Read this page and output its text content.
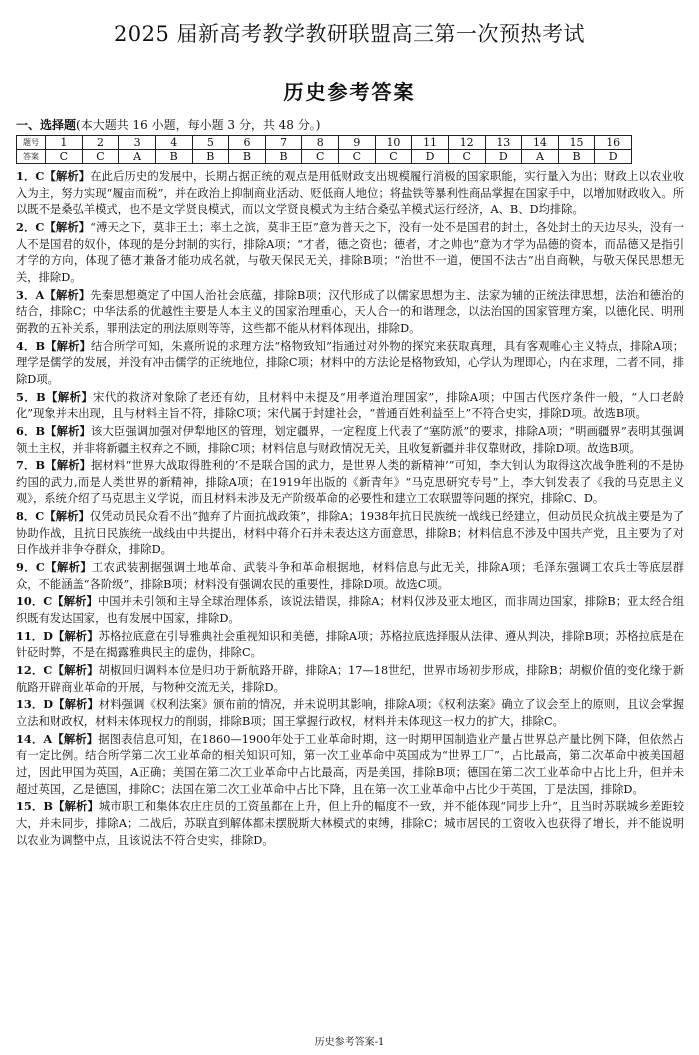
2025 届新高考教学教研联盟高三第一次预热考试
历史参考答案
一、选择题(本大题共 16 小题，每小题 3 分，共 48 分。)
题号	1	2	3	4	5	6	7	8	9	10	11	12	13	14	15	16
答案	C	C	A	B	B	B	B	C	C	C	D	C	D	A	B	D

1．C【解析】在此后历史的发展中，长期占据正统的观点是用低财政支出规模履行消极的国家职能，实行量入为出；财政上以农业收入为主，努力实现“履亩而税”，并在政治上抑制商业活动、贬低商人地位；将盐铁等暴利性商品掌握在国家手中，以增加财政收入。所以既不是桑弘羊模式，也不是文学贤良模式，而以文学贤良模式为主结合桑弘羊模式运行经济，A、B、D均排除。

2．C【解析】“溥天之下，莫非王土；率土之滨，莫非王臣”意为普天之下，没有一处不是国君的封土，各处封土的天边尽头，没有一人不是国君的奴仆，体现的是分封制的实行，排除A项；“才者，德之资也；德者，才之帅也”意为才学为品德的资本，而品德又是指引才学的方向，体现了德才兼备才能功成名就，与敬天保民无关，排除B项；“治世不一道，便国不法古”出自商鞅，与敬天保民思想无关，排除D。

3．A【解析】先秦思想奠定了中国人治社会底蕴，排除B项；汉代形成了以儒家思想为主、法家为辅的正统法律思想，法治和德治的结合，排除C；中华法系的优越性主要是人本主义的国家治理重心，天人合一的和谐理念，以法治国的国家管理方案，以德化民、明刑弼教的五补关系，罪刑法定的刑法原则等等，这些都不能从材料体现出，排除D。

4．B【解析】结合所学可知，朱熹所说的求理方法“格物致知”指通过对外物的探究来获取真理，具有客观唯心主义特点，排除A项；理学是儒学的发展，并没有冲击儒学的正统地位，排除C项；材料中的方法论是格物致知，心学认为理即心，内在求理，二者不同，排除D项。

5．B【解析】宋代的救济对象除了老还有幼，且材料中未提及“用孝道治理国家”，排除A项；中国古代医疗条件一般，“人口老龄化”现象并未出现，且与材料主旨不符，排除C项；宋代属于封建社会，“普通百姓利益至上”不符合史实，排除D项。故选B项。

6．B【解析】该大臣强调加强对伊犁地区的管理，划定疆界，一定程度上代表了“塞防派”的要求，排除A项；“明画疆界”表明其强调领土主权，并非将新疆主权弃之不顾，排除C项；材料信息与财政情况无关，且收复新疆并非仅靠财政，排除D项。故选B项。

7．B【解析】据材料“世界大战取得胜利的‘不是联合国的武力，是世界人类的新精神’”可知，李大钊认为取得这次战争胜利的不是协约国的武力,而是人类世界的新精神，排除A项；在1919年出版的《新青年》“马克思研究专号”上，李大钊发表了《我的马克思主义观》，系统介绍了马克思主义学说，而且材料未涉及无产阶级革命的必要性和建立工农联盟等问题的探究，排除C、D。

8．C【解析】仅凭动员民众看不出“抛弃了片面抗战政策”，排除A；1938年抗日民族统一战线已经建立，但动员民众抗战主要是为了协助作战，且抗日民族统一战线由中共提出，材料中蒋介石并未表达这方面意思，排除B；材料信息不涉及中国共产党，且主要为了对日作战并非争夺群众，排除D。

9．C【解析】工农武装割据强调土地革命、武装斗争和革命根据地，材料信息与此无关，排除A项；毛泽东强调工农兵士等底层群众，不能涵盖“各阶级”，排除B项；材料没有强调农民的重要性，排除D项。故选C项。

10．C【解析】中国并未引领和主导全球治理体系，该说法错误，排除A；材料仅涉及亚太地区，而非周边国家，排除B；亚太经合组织既有发达国家，也有发展中国家，排除D。

11．D【解析】苏格拉底意在引导雅典社会重视知识和美德，排除A项；苏格拉底选择服从法律、遵从判决，排除B项；苏格拉底是在针砭时弊，不是在揭露雅典民主的虚伪，排除C。

12．C【解析】胡椒回归调料本位是归功于新航路开辟，排除A；17—18世纪，世界市场初步形成，排除B；胡椒价值的变化缘于新航路开辟商业革命的开展，与物种交流无关，排除D。

13．D【解析】材料强调《权利法案》颁布前的情况，并未说明其影响，排除A项；《权利法案》确立了议会至上的原则，且议会掌握立法和财政权，材料未体现权力的削弱，排除B项；国王掌握行政权，材料并未体现这一权力的扩大，排除C。

14．A【解析】据图表信息可知，在1860—1900年处于工业革命时期，这一时期甲国制造业产量占世界总产量比例下降，但依然占有一定比例。结合所学第二次工业革命的相关知识可知，第一次工业革命中英国成为“世界工厂”，占比最高，第二次革命中被美国超过，因此甲国为英国，A正确；美国在第二次工业革命中占比最高，丙是美国，排除B项；德国在第二次工业革命中占比上升，但并未超过英国，乙是德国，排除C；法国在第二次工业革命中占比下降，且在第一次工业革命中占比少于英国，丁是法国，排除D。

15．B【解析】城市职工和集体农庄庄员的工资虽都在上升，但上升的幅度不一致，并不能体现“同步上升”，且当时苏联城乡差距较大，并未同步，排除A；二战后，苏联直到解体都未摆脱斯大林模式的束缚，排除C；城市居民的工资收入也获得了增长，并不能说明以农业为调整中点，且该说法不符合史实，排除D。

历史参考答案-1
